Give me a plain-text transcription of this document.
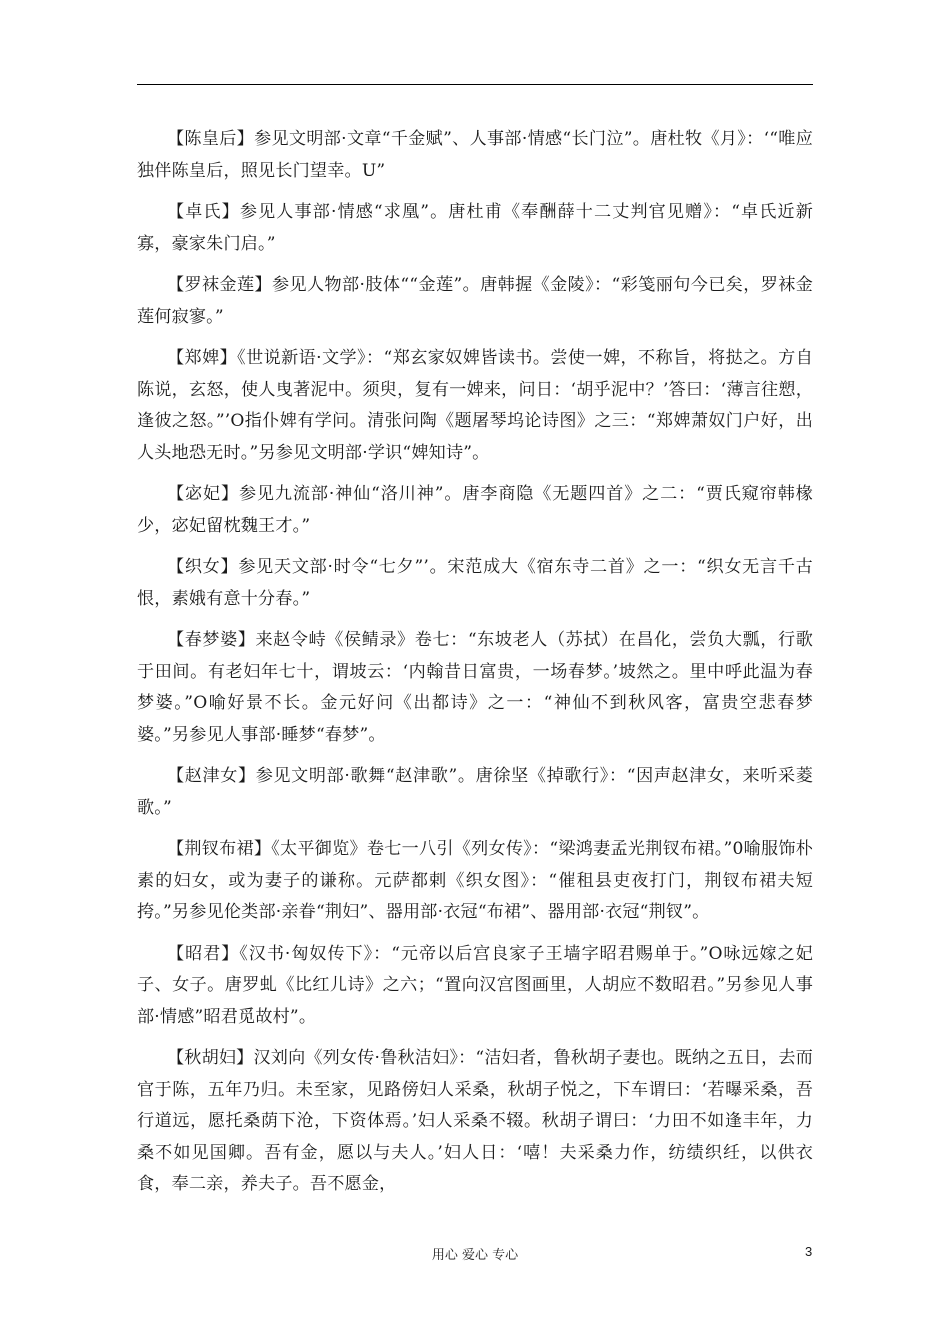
【陈皇后】参见文明部·文章“千金赋”、人事部·情感“长门泣”。唐杜牧《月》：‘“唯应独伴陈皇后，照见长门望幸。U”

【卓氏】参见人事部·情感“求凰”。唐杜甫《奉酬薛十二丈判官见赠》：“卓氏近新寡，豪家朱门启。”

【罗袜金莲】参见人物部·肢体““金莲”。唐韩握《金陵》：“彩笺丽句今已矣，罗袜金莲何寂寥。”

【郑婢】《世说新语·文学》：“郑玄家奴婢皆读书。尝使一婢，不称旨，将挞之。方自陈说，玄怒，使人曳著泥中。须臾，复有一婢来，问日：‘胡乎泥中？’答曰：‘薄言往愬，逢彼之怒。”’O指仆婢有学问。清张问陶《题屠琴坞论诗图》之三：“郑婢萧奴门户好，出人头地恐无时。”另参见文明部·学识“婢知诗”。

【宓妃】参见九流部·神仙“洛川神”。唐李商隐《无题四首》之二：“贾氏窥帘韩椽少，宓妃留枕魏王才。”

【织女】参见天文部·时令“七夕”’。宋范成大《宿东寺二首》之一：“织女无言千古恨，素娥有意十分春。”

【春梦婆】来赵令峙《侯鲭录》卷七：“东坡老人（苏拭）在昌化，尝负大瓢，行歌于田间。有老妇年七十，谓坡云：‘内翰昔日富贵，一场春梦。’坡然之。里中呼此温为春梦婆。”O喻好景不长。金元好问《出都诗》之一：“神仙不到秋风客，富贵空悲春梦婆。”另参见人事部·睡梦“春梦”。

【赵津女】参见文明部·歌舞“赵津歌”。唐徐坚《掉歌行》：“因声赵津女，来听采菱歌。”

【荆钗布裙】《太平御览》卷七一八引《列女传》：“梁鸿妻孟光荆钗布裙。”0喻服饰朴素的妇女，或为妻子的谦称。元萨都剌《织女图》：“催租县吏夜打门，荆钗布裙夫短挎。”另参见伦类部·亲眷“荆妇”、器用部·衣冠“布裙”、器用部·衣冠“荆钗”。

【昭君】《汉书·匈奴传下》：“元帝以后宫良家子王墙字昭君赐单于。”O咏远嫁之妃子、女子。唐罗虬《比红儿诗》之六；“置向汉宫图画里，人胡应不数昭君。”另参见人事部·情感”昭君觅故村”。

【秋胡妇】汉刘向《列女传·鲁秋洁妇》：“洁妇者，鲁秋胡子妻也。既纳之五日，去而官于陈，五年乃归。未至家，见路傍妇人采桑，秋胡子悦之，下车谓曰：‘若曝采桑，吾行道远，愿托桑荫下沧，下资体焉。’妇人采桑不辍。秋胡子谓曰：‘力田不如逢丰年，力桑不如见国卿。吾有金，愿以与夫人。’妇人日：‘嘻！夫采桑力作，纺绩织纴，以供衣食，奉二亲，养夫子。吾不愿金，

用心 爱心 专心	3
